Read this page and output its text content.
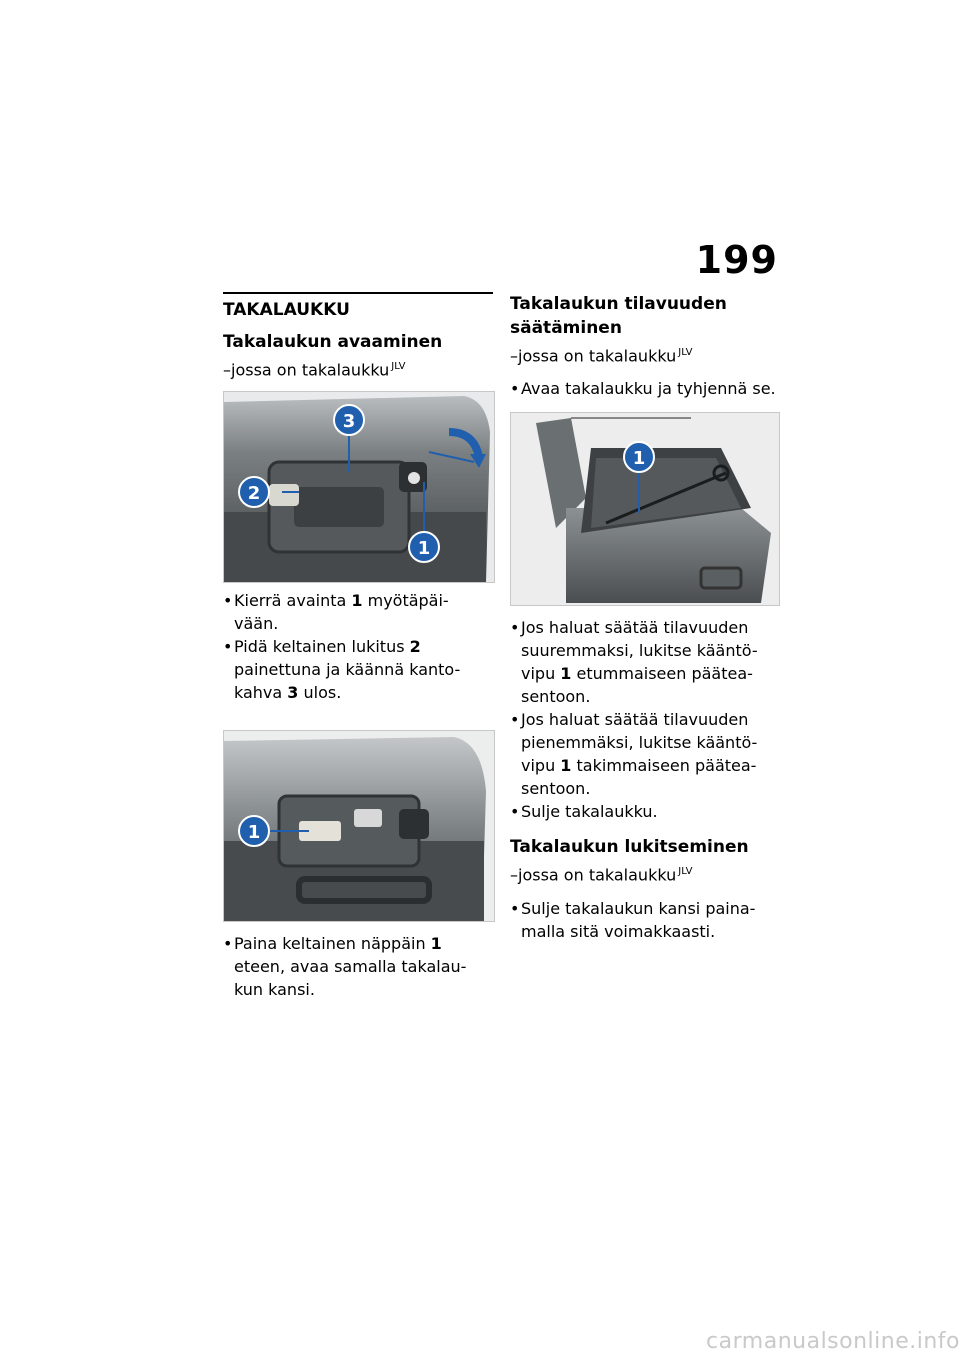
199
TAKALAUKKU
Takalaukun avaaminen
–jossa on takalaukku $^{JLV}$
3
2
1
• Kierrä avainta 1 myötäpäi- vään.
• Pidä keltainen lukitus 2 painettuna ja käännä kanto- kahva 3 ulos.
1
• Paina keltainen näppäin 1 eteen, avaa samalla takalau- kun kansi.
Takalaukun tilavuuden
säätäminen
–jossa on takalaukku $^{JLV}$
• Avaa takalaukku ja tyhjennä se.
1
• Jos haluat säätää tilavuuden suuremmaksi, lukitse kääntö- vipu 1 etummaiseen päätea- sentoon.
• Jos haluat säätää tilavuuden pienemmäksi, lukitse kääntö- vipu 1 takimmaiseen päätea- sentoon.
• Sulje takalaukku.
Takalaukun lukitseminen
–jossa on takalaukku $^{JLV}$
• Sulje takalaukun kansi paina- malla sitä voimakkaasti.
carmanualsonline.info
